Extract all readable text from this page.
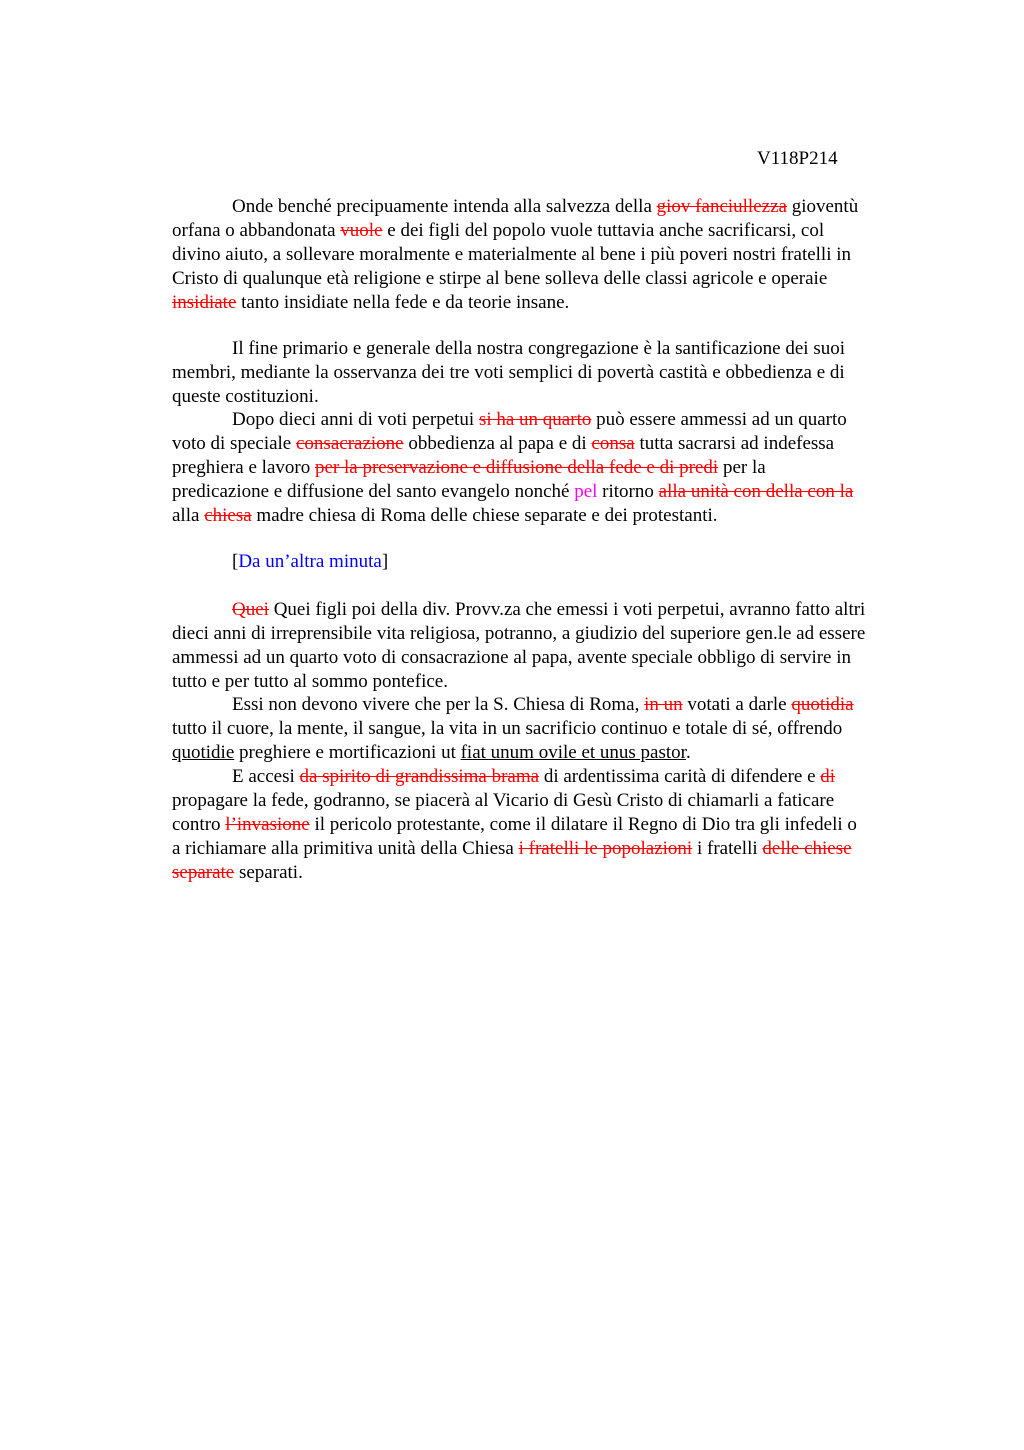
V118P214
Onde benché precipuamente intenda alla salvezza della giov fanciullezza gioventù
orfana o abbandonata vuole e dei figli del popolo vuole tuttavia anche sacrificarsi, col
divino aiuto, a sollevare moralmente e materialmente al bene i più poveri nostri fratelli in
Cristo di qualunque età religione e stirpe al bene solleva delle classi agricole e operaie
insidiate tanto insidiate nella fede e da teorie insane.
Il fine primario e generale della nostra congregazione è la santificazione dei suoi
membri, mediante la osservanza dei tre voti semplici di povertà castità e obbedienza e di
queste costituzioni.
Dopo dieci anni di voti perpetui si ha un quarto può essere ammessi ad un quarto
voto di speciale consacrazione obbedienza al papa e di consa tutta sacrarsi ad indefessa
preghiera e lavoro per la preservazione e diffusione della fede e di predi per la
predicazione e diffusione del santo evangelo nonché pel ritorno alla unità con della con la
alla chiesa madre chiesa di Roma delle chiese separate e dei protestanti.
[Da un’altra minuta]
Quei Quei figli poi della div. Provv.za che emessi i voti perpetui, avranno fatto altri
dieci anni di irreprensibile vita religiosa, potranno, a giudizio del superiore gen.le ad essere
ammessi ad un quarto voto di consacrazione al papa, avente speciale obbligo di servire in
tutto e per tutto al sommo pontefice.
Essi non devono vivere che per la S. Chiesa di Roma, in un votati a darle quotidia
tutto il cuore, la mente, il sangue, la vita in un sacrificio continuo e totale di sé, offrendo
quotidie preghiere e mortificazioni ut fiat unum ovile et unus pastor.
E accesi da spirito di grandissima brama di ardentissima carità di difendere e di
propagare la fede, godranno, se piacerà al Vicario di Gesù Cristo di chiamarli a faticare
contro l’invasione il pericolo protestante, come il dilatare il Regno di Dio tra gli infedeli o
a richiamare alla primitiva unità della Chiesa i fratelli le popolazioni i fratelli delle chiese
separate separati.
